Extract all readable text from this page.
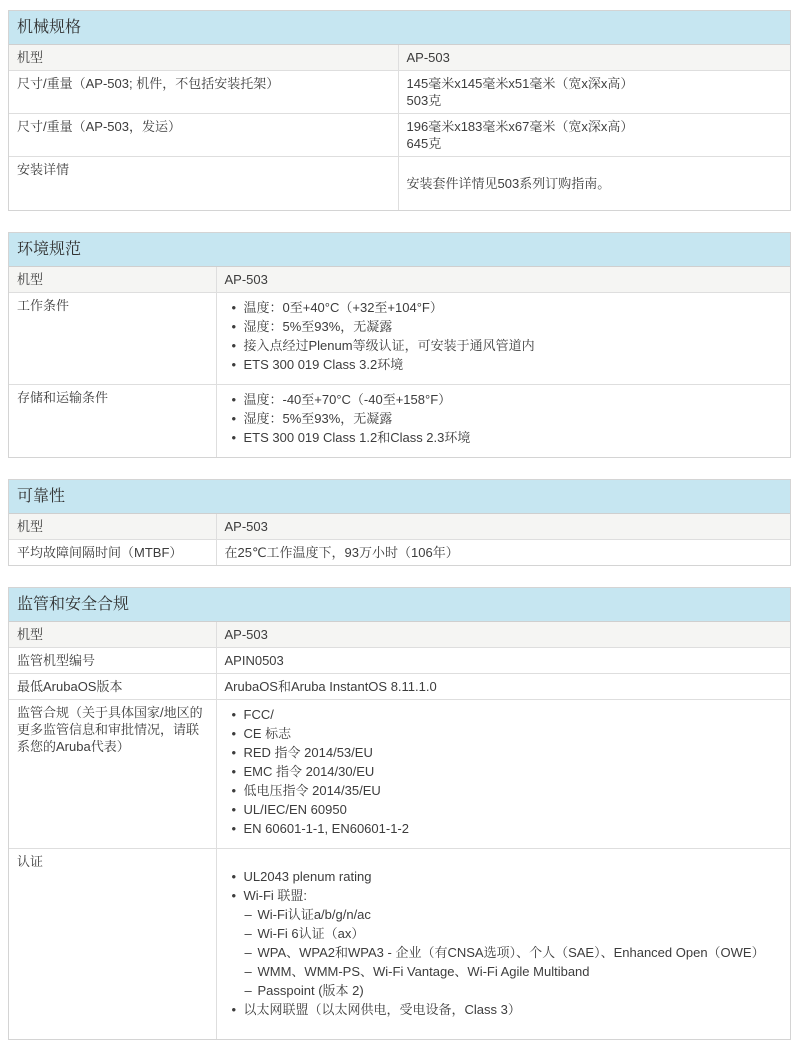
机械规格
机型	AP-503
尺寸/重量（AP-503; 机件，不包括安装托架）	145毫米x145毫米x51毫米（宽x深x高）
503克

尺寸/重量（AP-503，发运）	196毫米x183毫米x67毫米（宽x深x高）
645克

安装详情	安装套件详情见503系列订购指南。

环境规范
机型	AP-503
工作条件	
•温度：0至+40°C（+32至+104°F）
• 湿度：5%至93%，无凝露
• 接入点经过Plenum等级认证，可安装于通风管道内
• ETS 300 019 Class 3.2环境

存储和运输条件	
•温度：-40至+70°C（-40至+158°F）
• 湿度：5%至93%，无凝露
• ETS 300 019 Class 1.2和Class 2.3环境
可靠性
机型	AP-503
平均故障间隔时间（MTBF）	在25℃工作温度下，93万小时（106年）
监管和安全合规
机型	AP-503
监管机型编号	APIN0503
最低ArubaOS版本	ArubaOS和Aruba InstantOS 8.11.1.0
监管合规（关于具体国家/地区的更多监管信息和审批情况，请联系您的Aruba代表）	
• FCC/
• CE 标志
• RED 指令 2014/53/EU
• EMC 指令 2014/30/EU
• 低电压指令 2014/35/EU
• UL/IEC/EN 60950
• EN 60601-1-1, EN60601-1-2

认证	
• UL2043 plenum rating
• Wi-Fi 联盟:
– Wi-Fi认证a/b/g/n/ac
– Wi-Fi 6认证（ax）
– WPA、WPA2和WPA3 - 企业（有CNSA选项）、个人（SAE）、Enhanced Open（OWE）
– WMM、WMM-PS、Wi-Fi Vantage、Wi-Fi Agile Multiband
– Passpoint (版本 2)
• 以太网联盟（以太网供电，受电设备，Class 3）
